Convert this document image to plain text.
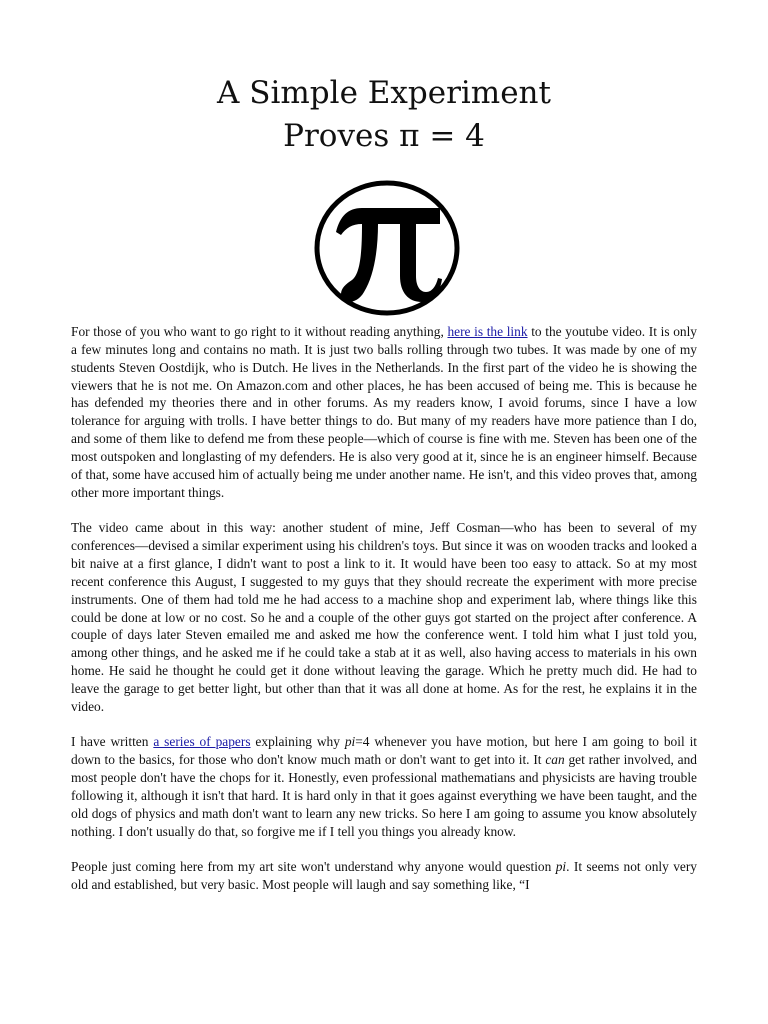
A Simple Experiment
Proves π = 4

For those of you who want to go right to it without reading anything, here is the link to the youtube video. It is only a few minutes long and contains no math. It is just two balls rolling through two tubes. It was made by one of my students Steven Oostdijk, who is Dutch. He lives in the Netherlands. In the first part of the video he is showing the viewers that he is not me. On Amazon.com and other places, he has been accused of being me. This is because he has defended my theories there and in other forums. As my readers know, I avoid forums, since I have a low tolerance for arguing with trolls. I have better things to do. But many of my readers have more patience than I do, and some of them like to defend me from these people—which of course is fine with me. Steven has been one of the most outspoken and longlasting of my defenders. He is also very good at it, since he is an engineer himself. Because of that, some have accused him of actually being me under another name. He isn't, and this video proves that, among other more important things.

The video came about in this way: another student of mine, Jeff Cosman—who has been to several of my conferences—devised a similar experiment using his children's toys. But since it was on wooden tracks and looked a bit naive at a first glance, I didn't want to post a link to it. It would have been too easy to attack. So at my most recent conference this August, I suggested to my guys that they should recreate the experiment with more precise instruments. One of them had told me he had access to a machine shop and experiment lab, where things like this could be done at low or no cost. So he and a couple of the other guys got started on the project after conference. A couple of days later Steven emailed me and asked me how the conference went. I told him what I just told you, among other things, and he asked me if he could take a stab at it as well, also having access to materials in his own home. He said he thought he could get it done without leaving the garage. Which he pretty much did. He had to leave the garage to get better light, but other than that it was all done at home. As for the rest, he explains it in the video.

I have written a series of papers explaining why pi=4 whenever you have motion, but here I am going to boil it down to the basics, for those who don't know much math or don't want to get into it. It can get rather involved, and most people don't have the chops for it. Honestly, even professional mathematians and physicists are having trouble following it, although it isn't that hard. It is hard only in that it goes against everything we have been taught, and the old dogs of physics and math don't want to learn any new tricks. So here I am going to assume you know absolutely nothing. I don't usually do that, so forgive me if I tell you things you already know.

People just coming here from my art site won't understand why anyone would question pi. It seems not only very old and established, but very basic. Most people will laugh and say something like, “I
